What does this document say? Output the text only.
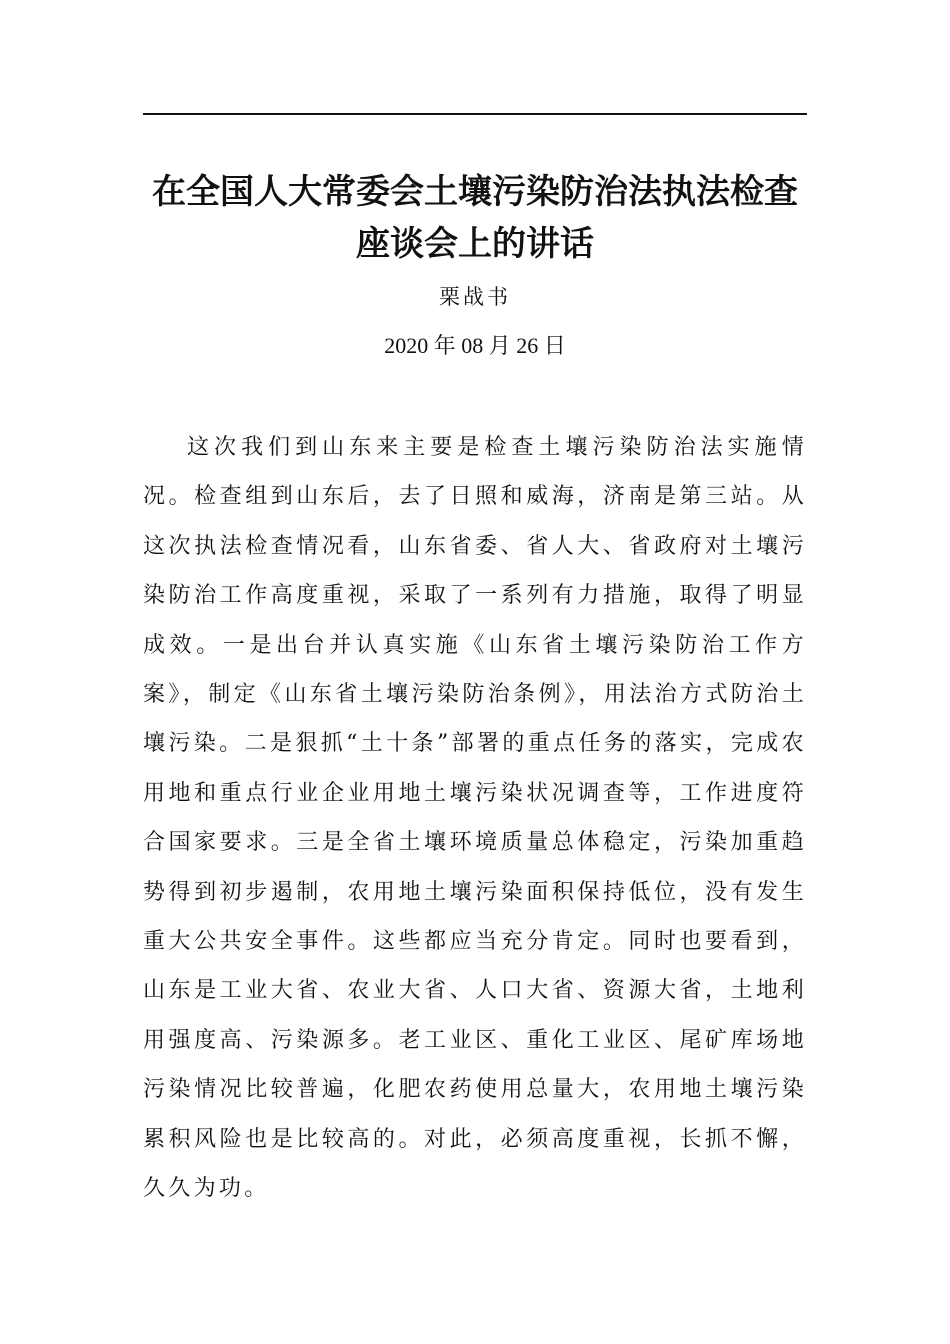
在全国人大常委会土壤污染防治法执法检查座谈会上的讲话
栗战书
2020 年 08 月 26 日

这次我们到山东来主要是检查土壤污染防治法实施情况。检查组到山东后，去了日照和威海，济南是第三站。从这次执法检查情况看，山东省委、省人大、省政府对土壤污染防治工作高度重视，采取了一系列有力措施，取得了明显成效。一是出台并认真实施《山东省土壤污染防治工作方案》，制定《山东省土壤污染防治条例》，用法治方式防治土壤污染。二是狠抓“土十条”部署的重点任务的落实，完成农用地和重点行业企业用地土壤污染状况调查等，工作进度符合国家要求。三是全省土壤环境质量总体稳定，污染加重趋势得到初步遏制，农用地土壤污染面积保持低位，没有发生重大公共安全事件。这些都应当充分肯定。同时也要看到，山东是工业大省、农业大省、人口大省、资源大省，土地利用强度高、污染源多。老工业区、重化工业区、尾矿库场地污染情况比较普遍，化肥农药使用总量大，农用地土壤污染累积风险也是比较高的。对此，必须高度重视，长抓不懈，久久为功。
